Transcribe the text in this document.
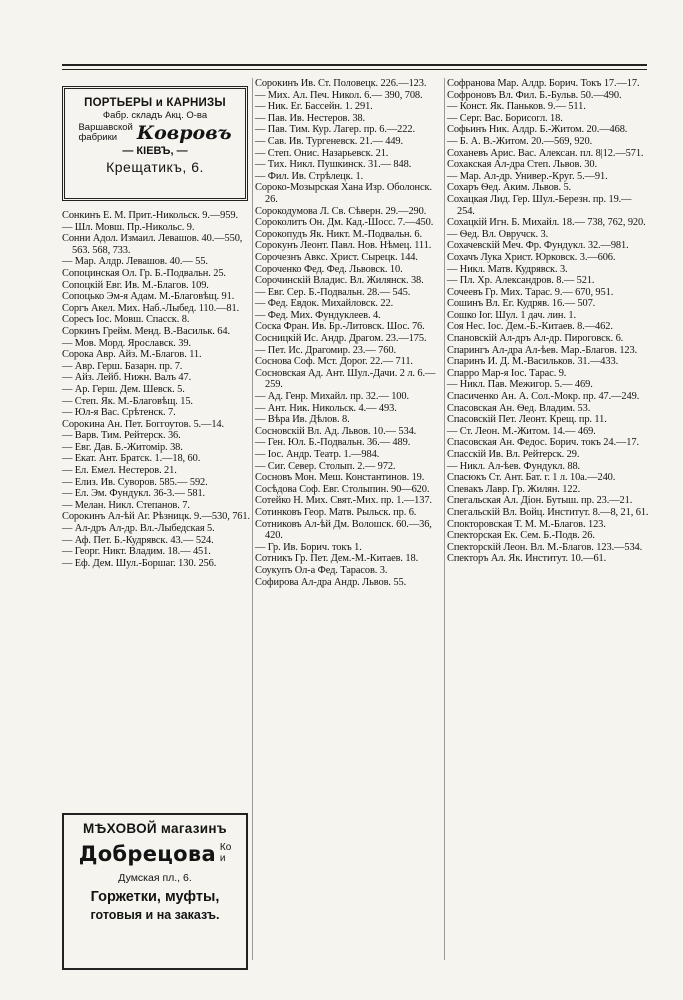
ПОРТЬЕРЫ и КАРНИЗЫ
Фабр. складъ Акц. О-ва
Варшавской
фабрики	Ковровъ
— КІЕВЪ, —
Крещатикъ, 6.

Сонкинъ Е. М. Прит.-Никольск. 9.—959.

— Шл. Мовш. Пр.-Никольс. 9.

Сонни Адол. Измаил. Левашов. 40.—550, 563. 568, 733.

— Мар. Алдр. Левашов. 40.— 55.

Сопоцинская Ол. Гр. Б.-Подвальн. 25.

Сопоцкій Евг. Ив. М.-Благов. 109.

Сопоцько Эм-я Адам. М.-Благовѣщ. 91.

Соргъ Акел. Мих. Наб.-Лыбед. 110.—81.

Соресъ Іос. Мовш. Спасск. 8.

Соркинъ Грейм. Менд. В.-Васильк. 64.

— Мов. Морд. Ярославск. 39.

Сорока Авр. Айз. М.-Благов. 11.

— Авр. Герш. Базарн. пр. 7.

— Айз. Лейб. Нижн. Валъ 47.

— Ар. Герш. Дем. Шевск. 5.

— Степ. Як. М.-Благовѣщ. 15.

— Юл-я Вас. Срѣтенск. 7.

Сорокина Ан. Пет. Боггоутов. 5.—14.

— Варв. Тим. Рейтерск. 36.

— Евг. Дав. Б.-Житомір. 38.

— Екат. Ант. Братск. 1.—18, 60.

— Ел. Емел. Нестеров. 21.

— Елиз. Ив. Суворов. 585.— 592.

— Ел. Эм. Фундукл. 36-3.— 581.

— Мелан. Никл. Степанов. 7.

Сорокинъ Ал-ѣй Аг. Рѣзницк. 9.—530, 761.

— Ал-дръ Ал-др. Вл.-Лыбедская 5.

— Аф. Пет. Б.-Кудрявск. 43.— 524.

— Георг. Никт. Владим. 18.— 451.

— Еф. Дем. Шул.-Боршаг. 130. 256.

Сорокинъ Ив. Ст. Половецк. 226.—123.

— Мих. Ал. Печ. Никол. 6.— 390, 708.

— Ник. Ег. Бассейн. 1. 291.

— Пав. Ив. Нестеров. 38.

— Пав. Тим. Кур. Лагер. пр. 6.—222.

— Сав. Ив. Тургеневск. 21.— 449.

— Степ. Онис. Назарьевск. 21.

— Тих. Никл. Пушкинск. 31.— 848.

— Фил. Ив. Стрѣлецк. 1.

Сороко-Мозырская Хана Изр. Оболонск. 26.

Сорокодумова Л. Св. Сѣверн. 29.—290.

Сороколитъ Он. Дм. Кад.-Шосс. 7.—450.

Сорокопудъ Як. Никт. М.-Подвальн. 6.

Сорокунъ Леонт. Павл. Нов. Нѣмец. 111.

Сорочезнъ Авкс. Христ. Сырецк. 144.

Сороченко Фед. Фед. Львовск. 10.

Сорочинскій Владис. Вл. Жилянск. 38.

— Евг. Сер. Б.-Подвальн. 28.— 545.

— Фед. Евдок. Михайловск. 22.

— Фед. Мих. Фундуклеев. 4.

Соска Фран. Ив. Бр.-Литовск. Шос. 76.

Сосницкій Ис. Андр. Драгом. 23.—175.

— Пет. Ис. Драгомир. 23.— 760.

Соснова Соф. Мст. Дорог. 22.— 711.

Сосновская Ад. Ант. Шул.-Дачи. 2 л. 6.—259.

— Ад. Генр. Михайл. пр. 32.— 100.

— Ант. Ник. Никольск. 4.— 493.

— Вѣра Ив. Дѣлов. 8.

Сосновскій Вл. Ад. Львов. 10.— 534.

— Ген. Юл. Б.-Подвальн. 36.— 489.

— Іос. Андр. Театр. 1.—984.

— Сиг. Север. Столып. 2.— 972.

Сосновъ Мон. Меш. Константинов. 19.

Сосѣдова Соф. Евг. Столыпин. 90—620.

Сотейко Н. Мих. Свят.-Мих. пр. 1.—137.

Сотинковъ Геор. Матв. Рыльск. пр. 6.

Сотниковъ Ал-ѣй Дм. Волошск. 60.—36, 420.

— Гр. Ив. Борич. токъ 1.

Сотникъ Гр. Пет. Дем.-М.-Китаев. 18.

Соукупъ Ол-а Фед. Тарасов. 3.

Софирова Ал-дра Андр. Львов. 55.

Софранова Мар. Алдр. Борич. Токъ 17.—17.

Софроновъ Вл. Фил. Б.-Бульв. 50.—490.

— Конст. Як. Паньков. 9.— 511.

— Серг. Вас. Борисогл. 18.

Софьинъ Ник. Алдр. Б.-Житом. 20.—468.

— Б. А. В.-Житом. 20.—569, 920.

Соханевъ Арис. Вас. Алексан. пл. 8|12.—571.

Сохакская Ал-дра Степ. Львов. 30.

— Мар. Ал-др. Универ.-Круг. 5.—91.

Сохаръ Ѳед. Аким. Львов. 5.

Сохацкая Лид. Гер. Шул.-Березн. пр. 19.—254.

Сохацкій Игн. Б. Михайл. 18.— 738, 762, 920.

— Ѳед. Вл. Овручск. 3.

Сохачевскій Меч. Фр. Фундукл. 32.—981.

Сохачъ Лука Христ. Юрковск. 3.—606.

— Никл. Матв. Кудрявск. 3.

— Пл. Хр. Александров. 8.— 521.

Сочеевъ Гр. Мих. Тарас. 9.— 670, 951.

Сошинъ Вл. Ег. Кудряв. 16.— 507.

Сошко Іог. Шул. 1 дач. лин. 1.

Соя Нес. Іос. Дем.-Б.-Китаев. 8.—462.

Спановскій Ал-дръ Ал-др. Пироговск. 6.

Спарингъ Ал-дра Ал-ѣев. Мар.-Благов. 123.

Спаринъ И. Д. М.-Васильков. 31.—433.

Спарро Мар-я Іос. Тарас. 9.

— Никл. Пав. Межигор. 5.— 469.

Спасиченко Ан. А. Сол.-Мокр. пр. 47.—249.

Спасовская Ан. Ѳед. Владим. 53.

Спасовскій Пет. Леонт. Крещ. пр. 11.

— Ст. Леон. М.-Житом. 14.— 469.

Спасовская Ан. Федос. Борич. токъ 24.—17.

Спасскій Ив. Вл. Рейтерск. 29.

— Никл. Ал-ѣев. Фундукл. 88.

Спасюкъ Ст. Ант. Бат. г. 1 л. 10а.—240.

Спевакъ Лавр. Гр. Жилян. 122.

Спегальская Ал. Діон. Бутыш. пр. 23.—21.

Спегальскій Вл. Войц. Институт. 8.—8, 21, 61.

Спокторовская Т. М. М.-Благов. 123.

Спекторская Ек. Сем. Б.-Подв. 26.

Спекторскій Леон. Вл. М.-Благов. 123.—534.

Спекторъ Ал. Як. Институт. 10.—61.

МѢХОВОЙ магазинъ
Добрецова Ко
и
Думская пл., 6.
Горжетки, муфты,
готовыя и на заказъ.
